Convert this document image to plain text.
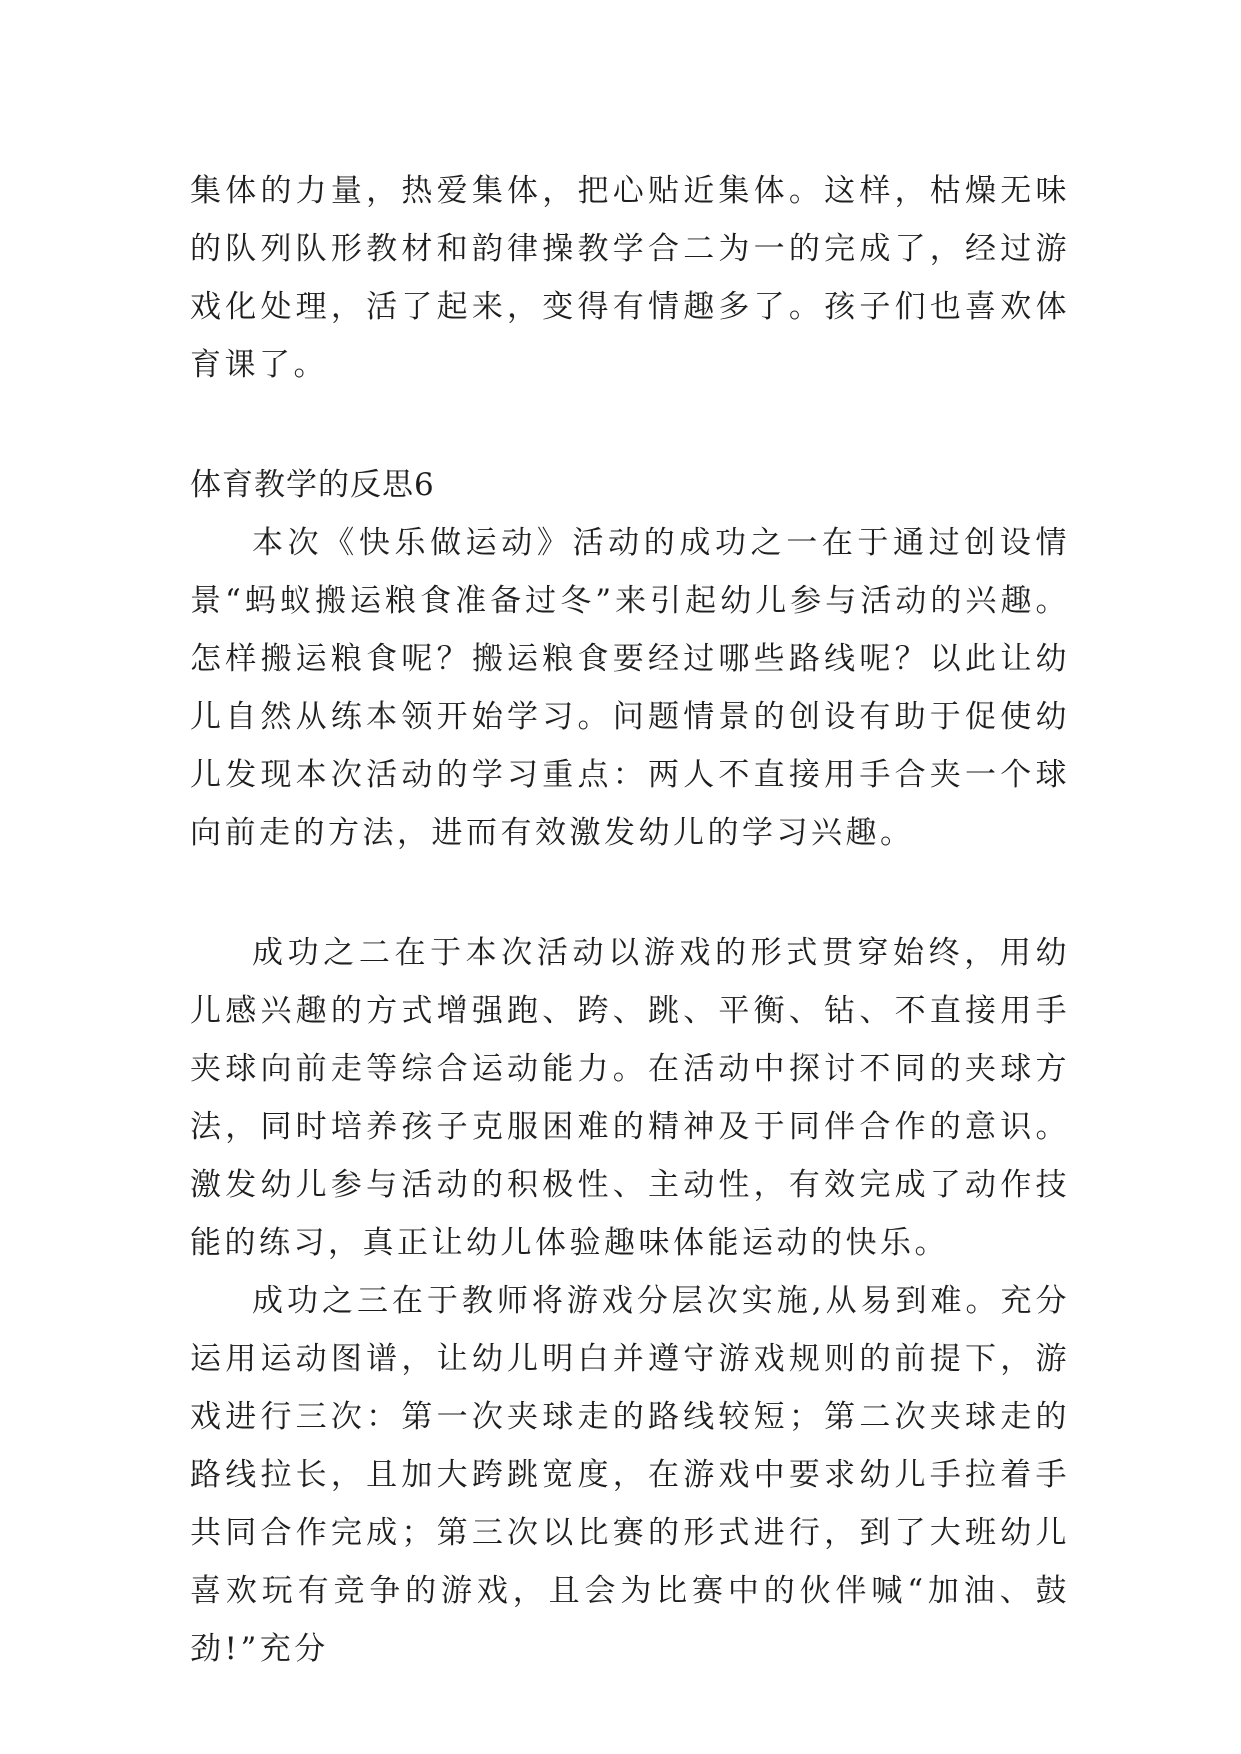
集体的力量，热爱集体，把心贴近集体。这样，枯燥无味的队列队形教材和韵律操教学合二为一的完成了，经过游戏化处理，活了起来，变得有情趣多了。孩子们也喜欢体育课了。

体育教学的反思6

本次《快乐做运动》活动的成功之一在于通过创设情景“蚂蚁搬运粮食准备过冬”来引起幼儿参与活动的兴趣。怎样搬运粮食呢？搬运粮食要经过哪些路线呢？以此让幼儿自然从练本领开始学习。问题情景的创设有助于促使幼儿发现本次活动的学习重点：两人不直接用手合夹一个球向前走的方法，进而有效激发幼儿的学习兴趣。

成功之二在于本次活动以游戏的形式贯穿始终，用幼儿感兴趣的方式增强跑、跨、跳、平衡、钻、不直接用手夹球向前走等综合运动能力。在活动中探讨不同的夹球方法，同时培养孩子克服困难的精神及于同伴合作的意识。激发幼儿参与活动的积极性、主动性，有效完成了动作技能的练习，真正让幼儿体验趣味体能运动的快乐。

成功之三在于教师将游戏分层次实施,从易到难。充分运用运动图谱，让幼儿明白并遵守游戏规则的前提下，游戏进行三次：第一次夹球走的路线较短；第二次夹球走的路线拉长，且加大跨跳宽度，在游戏中要求幼儿手拉着手共同合作完成；第三次以比赛的形式进行，到了大班幼儿喜欢玩有竞争的游戏，且会为比赛中的伙伴喊“加油、鼓劲!”充分
